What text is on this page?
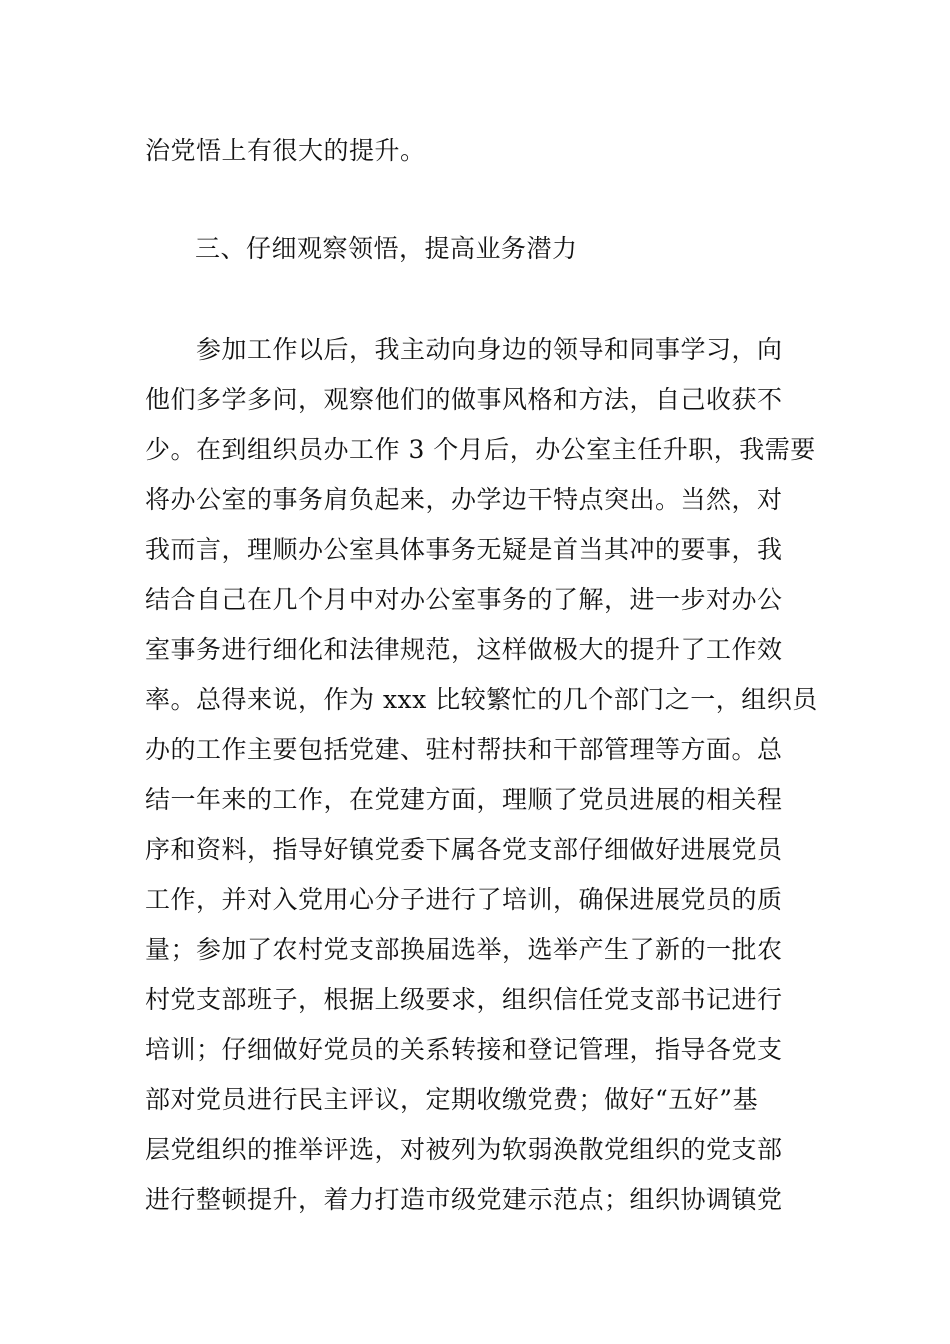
治党悟上有很大的提升。
三、仔细观察领悟，提高业务潜力
参加工作以后，我主动向身边的领导和同事学习，向
他们多学多问，观察他们的做事风格和方法，自己收获不
少。在到组织员办工作 3 个月后，办公室主任升职，我需要
将办公室的事务肩负起来，办学边干特点突出。当然，对
我而言，理顺办公室具体事务无疑是首当其冲的要事，我
结合自己在几个月中对办公室事务的了解，进一步对办公
室事务进行细化和法律规范，这样做极大的提升了工作效
率。总得来说，作为 xxx 比较繁忙的几个部门之一，组织员
办的工作主要包括党建、驻村帮扶和干部管理等方面。总
结一年来的工作，在党建方面，理顺了党员进展的相关程
序和资料，指导好镇党委下属各党支部仔细做好进展党员
工作，并对入党用心分子进行了培训，确保进展党员的质
量；参加了农村党支部换届选举，选举产生了新的一批农
村党支部班子，根据上级要求，组织信任党支部书记进行
培训；仔细做好党员的关系转接和登记管理，指导各党支
部对党员进行民主评议，定期收缴党费；做好“五好”基
层党组织的推举评选，对被列为软弱涣散党组织的党支部
进行整顿提升，着力打造市级党建示范点；组织协调镇党
